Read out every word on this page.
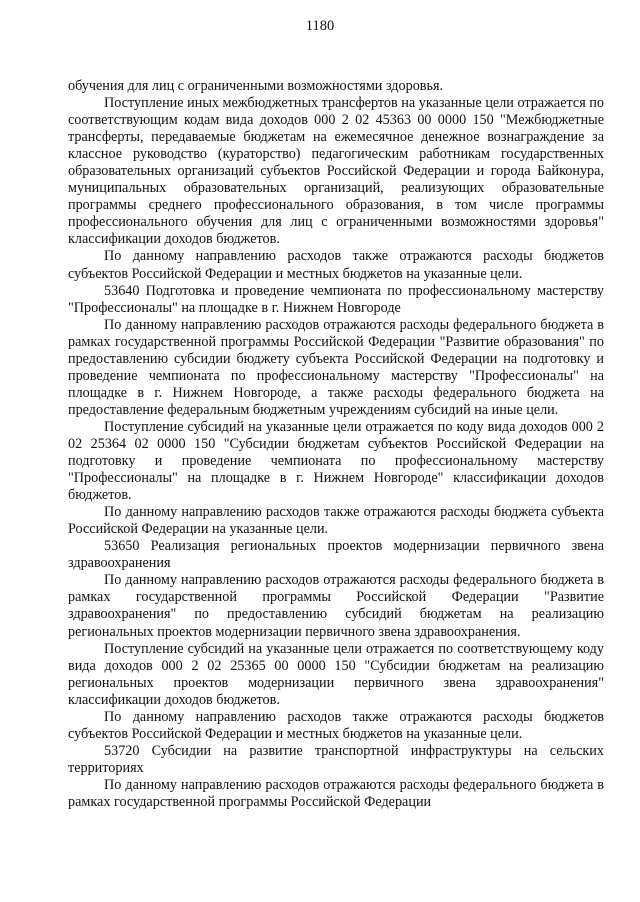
1180

обучения для лиц с ограниченными возможностями здоровья.

Поступление иных межбюджетных трансфертов на указанные цели отражается по соответствующим кодам вида доходов 000 2 02 45363 00 0000 150 "Межбюджетные трансферты, передаваемые бюджетам на ежемесячное денежное вознаграждение за классное руководство (кураторство) педагогическим работникам государственных образовательных организаций субъектов Российской Федерации и города Байконура, муниципальных образовательных организаций, реализующих образовательные программы среднего профессионального образования, в том числе программы профессионального обучения для лиц с ограниченными возможностями здоровья" классификации доходов бюджетов.

По данному направлению расходов также отражаются расходы бюджетов субъектов Российской Федерации и местных бюджетов на указанные цели.

53640 Подготовка и проведение чемпионата по профессиональному мастерству "Профессионалы" на площадке в г. Нижнем Новгороде

По данному направлению расходов отражаются расходы федерального бюджета в рамках государственной программы Российской Федерации "Развитие образования" по предоставлению субсидии бюджету субъекта Российской Федерации на подготовку и проведение чемпионата по профессиональному мастерству "Профессионалы" на площадке в г. Нижнем Новгороде, а также расходы федерального бюджета на предоставление федеральным бюджетным учреждениям субсидий на иные цели.

Поступление субсидий на указанные цели отражается по коду вида доходов 000 2 02 25364 02 0000 150 "Субсидии бюджетам субъектов Российской Федерации на подготовку и проведение чемпионата по профессиональному мастерству "Профессионалы" на площадке в г. Нижнем Новгороде" классификации доходов бюджетов.

По данному направлению расходов также отражаются расходы бюджета субъекта Российской Федерации на указанные цели.

53650 Реализация региональных проектов модернизации первичного звена здравоохранения

По данному направлению расходов отражаются расходы федерального бюджета в рамках государственной программы Российской Федерации "Развитие здравоохранения" по предоставлению субсидий бюджетам на реализацию региональных проектов модернизации первичного звена здравоохранения.

Поступление субсидий на указанные цели отражается по соответствующему коду вида доходов 000 2 02 25365 00 0000 150 "Субсидии бюджетам на реализацию региональных проектов модернизации первичного звена здравоохранения" классификации доходов бюджетов.

По данному направлению расходов также отражаются расходы бюджетов субъектов Российской Федерации и местных бюджетов на указанные цели.

53720 Субсидии на развитие транспортной инфраструктуры на сельских территориях

По данному направлению расходов отражаются расходы федерального бюджета в рамках государственной программы Российской Федерации
